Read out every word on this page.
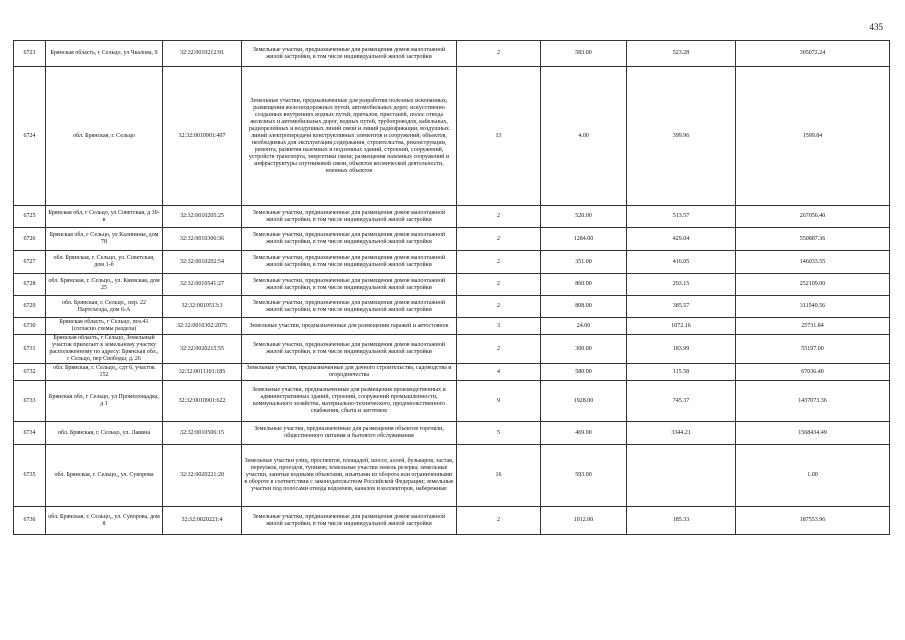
435
6723	Брянская область, г Сельцо, ул Чкалова, 9	32:32:0010212:91	Земельные участки, предназначенные для размещения домов малоэтажной жилой застройки, в том числе индивидуальной жилой застройки	2	583.00	523.28	305072.24
6724	обл. Брянская, г. Сельцо	32:32:0010901:407	Земельные участки, предназначенные для разработки полезных ископаемых, размещения железнодорожных путей, автомобильных дорог, искусственно созданных внутренних водных путей, причалов, пристаней, полос отвода железных и автомобильных дорог, водных путей, трубопроводов, кабельных, радиорелейных и воздушных линий связи и линий радиофикации, воздушных линий электропередачи конструктивных элементов и сооружений, объектов, необходимых для эксплуатации,содержания, строительства, реконструкции, ремонта, развития наземных и подземных зданий, строений, сооружений, устройств транспорта, энергетики связи; размещения наземных сооружений и инфраструктуры спутниковой связи, объектов космической деятельности, военных объектов	13	4.00	399.96	1599.84
6725	Брянская обл, г Сельцо, ул Советская, д 30-в	32:32:0010205:25	Земельные участки, предназначенные для размещения домов малоэтажной жилой застройки, в том числе индивидуальной жилой застройки	2	520.00	513.57	267056.40
6726	Брянская обл, г Сельцо, ул Калинины, дом 78	32:32:0010306:36	Земельные участки, предназначенные для размещения домов малоэтажной жилой застройки, в том числе индивидуальной жилой застройки	2	1284.00	429.04	550887.36
6727	обл. Брянская, г. Сельцо, ул. Советская, дом 1-б	32:32:0010202:54	Земельные участки, предназначенные для размещения домов малоэтажной жилой застройки, в том числе индивидуальной жилой застройки	2	351.00	416.05	146033.55
6728	обл. Брянская, г. Сельцо,, ул. Киевская, дом 25	32:32:0010541:27	Земельные участки, предназначенные для размещения домов малоэтажной жилой застройки, в том числе индивидуальной жилой застройки	2	860.00	293.15	252109.00
6729	обл. Брянская, г. Сельцо,, пер. 22 Партсъезда, дом 6-А	32:32:0010513:3	Земельные участки, предназначенные для размещения домов малоэтажной жилой застройки, в том числе индивидуальной жилой застройки	2	808.00	385.57	311540.56
6730	Брянская область, г Сельцо, поз.41 (согласно схемы раздела)	32:32:0010302:2075	Земельные участки, предназначенные для размещения гаражей и автостоянок	3	24.00	1072.16	25731.84
6731	Брянская область, г Сельцо, Земельный участок прилегает к земельному участку расположенному по адресу: Брянская обл., г Сельцо, пер Свободы, д. 26	32:32:0020215:55	Земельные участки, предназначенные для размещения домов малоэтажной жилой застройки, в том числе индивидуальной жилой застройки	2	300.00	183.99	55197.00
6732	обл. Брянская, г. Сельцо,, сдт 6, участок 152	32:32:0011101:185	Земельные участки, предназначенные для дачного строительства, садоводства и огородничества	4	580.00	115.58	67036.40
6733	Брянская обл, г Сельцо, ул Промплощадка, д 1	32:32:0010901:622	Земельные участки, предназначенные для размещения производственных и административных зданий, строений, сооружений промышленности, коммунального хозяйства, материально-технического, продовольственного снабжения, сбыта и заготовок	9	1928.00	745.37	1437073.36
6734	обл. Брянская, г. Сельцо, ул. Лавина	32:32:0010506:15	Земельные участки, предназначенные для размещения объектов торговли, общественного питания и бытового обслуживания	5	469.00	3344.21	1568434.49
6735	обл. Брянская, г. Сельцо,, ул. Суворова	32:32:0020221:20	Земельные участки улиц, проспектов, площадей, шоссе, аллей, бульваров, застав, переулков, проездов, тупиков; земельные участки земель резерва; земельные участки, занятые водными объектами, изъятыми из оборота или ограниченными в обороте в соответствии с законодательством Российской Федерации; земельные участки под полосами отвода водоемов, каналов и коллекторов, набережные	16	593.00		1.00
6736	обл. Брянская, г. Сельцо,, ул. Суворова, дом 8	32:32:0020221:4	Земельные участки, предназначенные для размещения домов малоэтажной жилой застройки, в том числе индивидуальной жилой застройки	2	1012.00	185.33	187553.96
